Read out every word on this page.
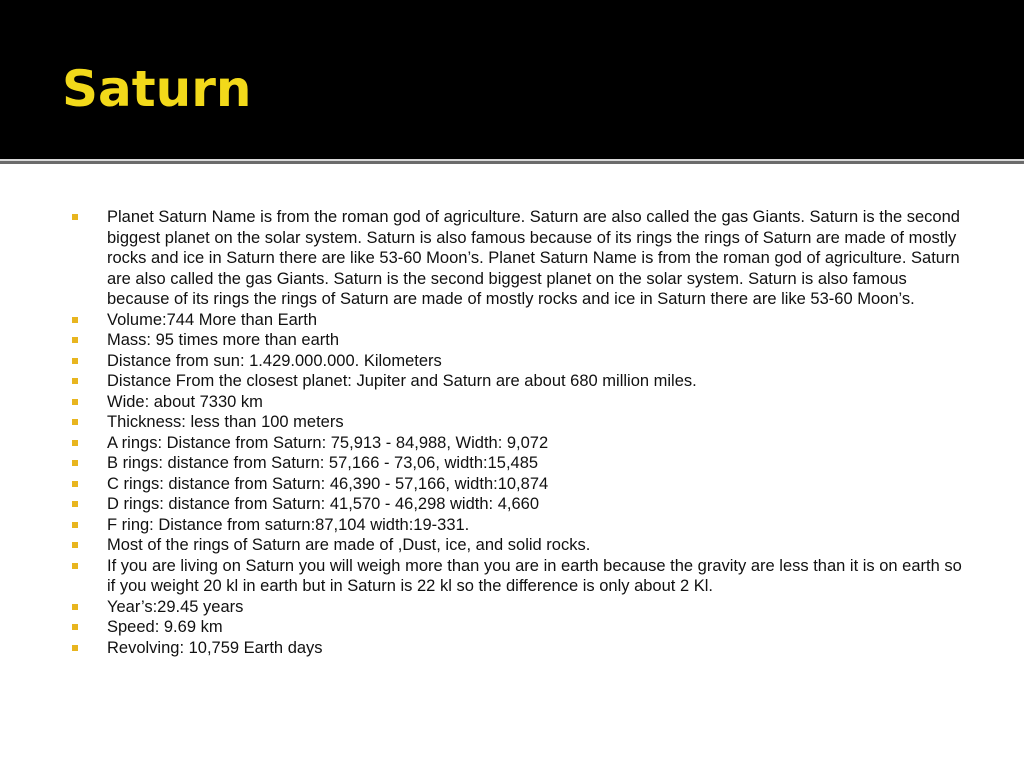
Saturn
Planet Saturn Name is from the roman god of agriculture. Saturn are also called the gas Giants. Saturn is the second biggest planet on the solar system. Saturn is also famous because of its rings the rings of Saturn are made of mostly rocks and ice in Saturn there are like 53-60 Moon’s. Planet Saturn Name is from the roman god of agriculture. Saturn are also called the gas Giants. Saturn is the second biggest planet on the solar system. Saturn is also famous because of its rings the rings of Saturn are made of mostly rocks and ice in Saturn there are like 53-60 Moon’s.
Volume:744 More than Earth
Mass: 95 times more than earth
Distance from sun: 1.429.000.000. Kilometers
Distance From the closest planet: Jupiter and Saturn are about 680 million miles.
Wide: about 7330 km
Thickness: less than 100 meters
A rings: Distance from Saturn: 75,913 - 84,988, Width: 9,072
B rings: distance from Saturn: 57,166 - 73,06, width:15,485
C rings: distance from Saturn: 46,390 - 57,166, width:10,874
D rings: distance from Saturn: 41,570 - 46,298 width: 4,660
F ring: Distance from saturn:87,104 width:19-331.
Most of the rings of Saturn are made of ,Dust, ice, and solid rocks.
If you are living on Saturn you will weigh more than you are in earth because the gravity are less than it is on earth so if you weight 20 kl in earth but in Saturn is 22 kl so the difference is only about 2 Kl.
Year’s:29.45 years
Speed: 9.69 km
Revolving: 10,759 Earth days
